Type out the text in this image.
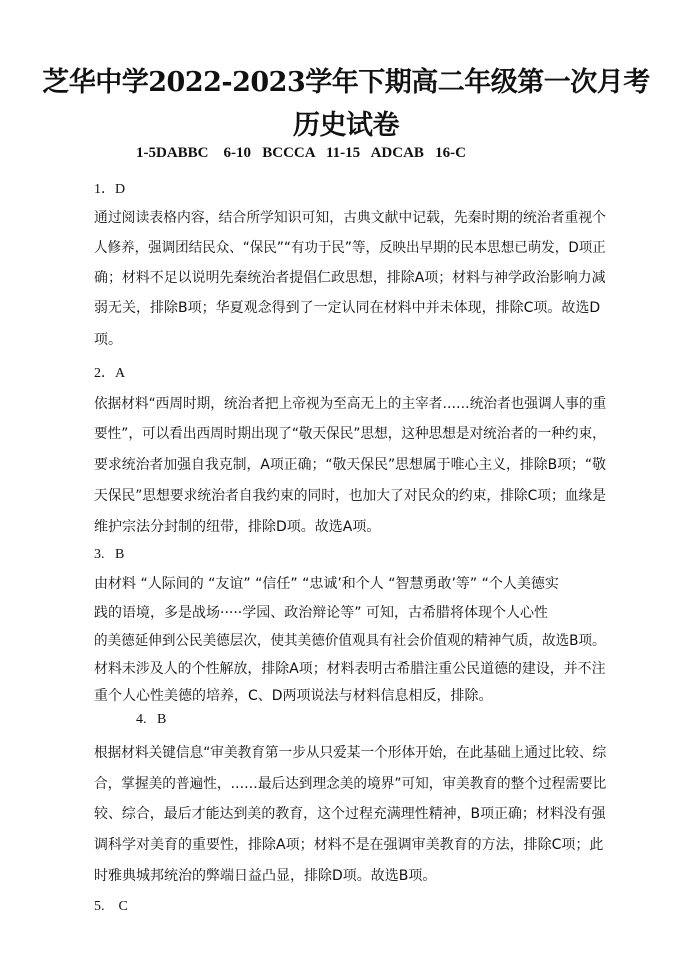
芝华中学2022-2023学年下期高二年级第一次月考
历史试卷
1-5DABBC    6-10   BCCCA   11-15   ADCAB   16-C
1．D
通过阅读表格内容，结合所学知识可知，古典文献中记载，先秦时期的统治者重视个
人修养，强调团结民众、“保民”“有功于民”等，反映出早期的民本思想已萌发，D项正
确；材料不足以说明先秦统治者提倡仁政思想，排除A项；材料与神学政治影响力减
弱无关，排除B项；华夏观念得到了一定认同在材料中并未体现，排除C项。故选D
项。
2．A
依据材料“西周时期，统治者把上帝视为至高无上的主宰者……统治者也强调人事的重
要性”，可以看出西周时期出现了“敬天保民”思想，这种思想是对统治者的一种约束，
要求统治者加强自我克制，A项正确；“敬天保民”思想属于唯心主义，排除B项；“敬
天保民”思想要求统治者自我约束的同时，也加大了对民众的约束，排除C项；血缘是
维护宗法分封制的纽带，排除D项。故选A项。
3.   B
由材料 “人际间的 “友谊” “信任” “忠诚’和个人 “智慧勇敢’等” “个人美德实
践的语境，多是战场·····学园、政治辩论等” 可知，古希腊将体现个人心性
的美德延伸到公民美德层次，使其美德价值观具有社会价值观的精神气质，故选B项。
材料未涉及人的个性解放，排除A项；材料表明古希腊注重公民道德的建设，并不注
重个人心性美德的培养，C、D两项说法与材料信息相反，排除。
4.   B
根据材料关键信息“审美教育第一步从只爱某一个形体开始，在此基础上通过比较、综
合，掌握美的普遍性，……最后达到理念美的境界”可知，审美教育的整个过程需要比
较、综合，最后才能达到美的教育，这个过程充满理性精神，B项正确；材料没有强
调科学对美育的重要性，排除A项；材料不是在强调审美教育的方法，排除C项；此
时雅典城邦统治的弊端日益凸显，排除D项。故选B项。
5.    C
